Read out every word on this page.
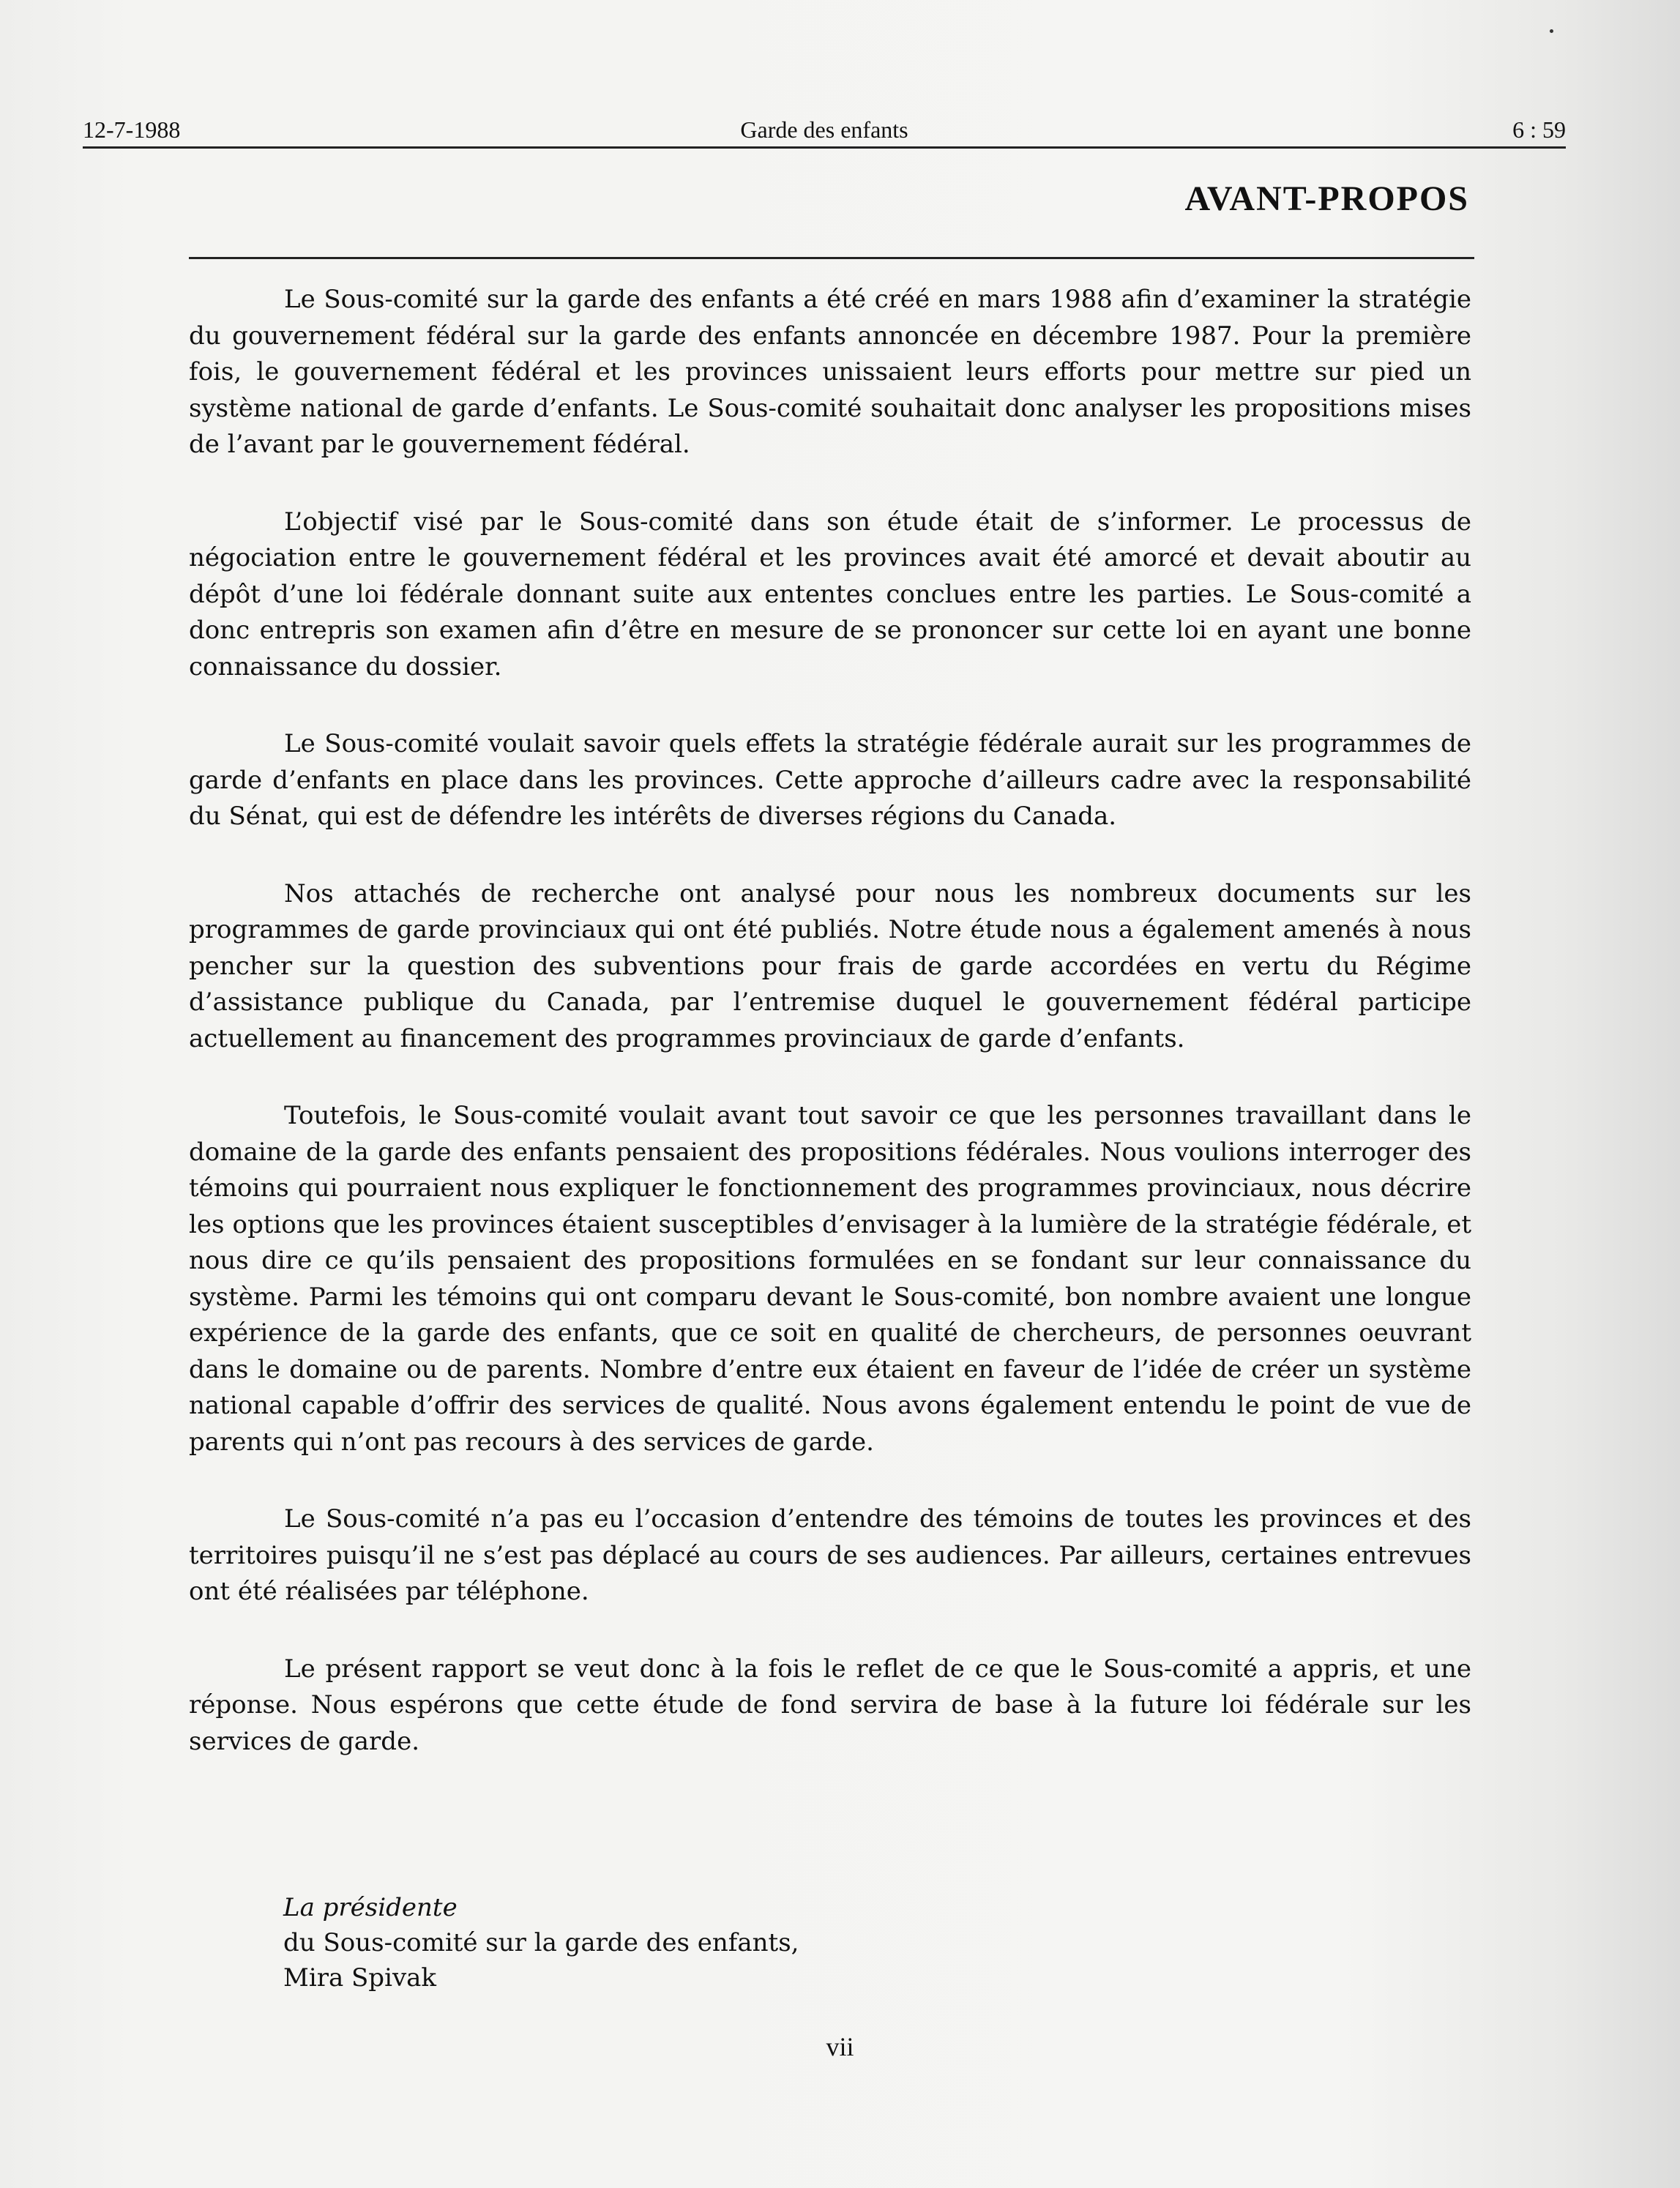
12-7-1988	Garde des enfants	6 : 59
AVANT-PROPOS

Le Sous-comité sur la garde des enfants a été créé en mars 1988 afin d’examiner la stratégie du gouvernement fédéral sur la garde des enfants annoncée en décembre 1987. Pour la première fois, le gouvernement fédéral et les provinces unissaient leurs efforts pour mettre sur pied un système national de garde d’enfants. Le Sous-comité souhaitait donc analyser les propositions mises de l’avant par le gouvernement fédéral.

L’objectif visé par le Sous-comité dans son étude était de s’informer. Le processus de négociation entre le gouvernement fédéral et les provinces avait été amorcé et devait aboutir au dépôt d’une loi fédérale donnant suite aux ententes conclues entre les parties. Le Sous-comité a donc entrepris son examen afin d’être en mesure de se prononcer sur cette loi en ayant une bonne connaissance du dossier.

Le Sous-comité voulait savoir quels effets la stratégie fédérale aurait sur les programmes de garde d’enfants en place dans les provinces. Cette approche d’ailleurs cadre avec la responsabilité du Sénat, qui est de défendre les intérêts de diverses régions du Canada.

Nos attachés de recherche ont analysé pour nous les nombreux documents sur les programmes de garde provinciaux qui ont été publiés. Notre étude nous a également amenés à nous pencher sur la question des subventions pour frais de garde accordées en vertu du Régime d’assistance publique du Canada, par l’entremise duquel le gouvernement fédéral participe actuellement au financement des programmes provinciaux de garde d’enfants.

Toutefois, le Sous-comité voulait avant tout savoir ce que les personnes travaillant dans le domaine de la garde des enfants pensaient des propositions fédérales. Nous voulions interroger des témoins qui pourraient nous expliquer le fonctionnement des programmes provinciaux, nous décrire les options que les provinces étaient susceptibles d’envisager à la lumière de la stratégie fédérale, et nous dire ce qu’ils pensaient des propositions formulées en se fondant sur leur connaissance du système. Parmi les témoins qui ont comparu devant le Sous-comité, bon nombre avaient une longue expérience de la garde des enfants, que ce soit en qualité de chercheurs, de personnes oeuvrant dans le domaine ou de parents. Nombre d’entre eux étaient en faveur de l’idée de créer un système national capable d’offrir des services de qualité. Nous avons également entendu le point de vue de parents qui n’ont pas recours à des services de garde.

Le Sous-comité n’a pas eu l’occasion d’entendre des témoins de toutes les provinces et des territoires puisqu’il ne s’est pas déplacé au cours de ses audiences. Par ailleurs, certaines entrevues ont été réalisées par téléphone.

Le présent rapport se veut donc à la fois le reflet de ce que le Sous-comité a appris, et une réponse. Nous espérons que cette étude de fond servira de base à la future loi fédérale sur les services de garde.

La présidente
du Sous-comité sur la garde des enfants,
Mira Spivak
vii
